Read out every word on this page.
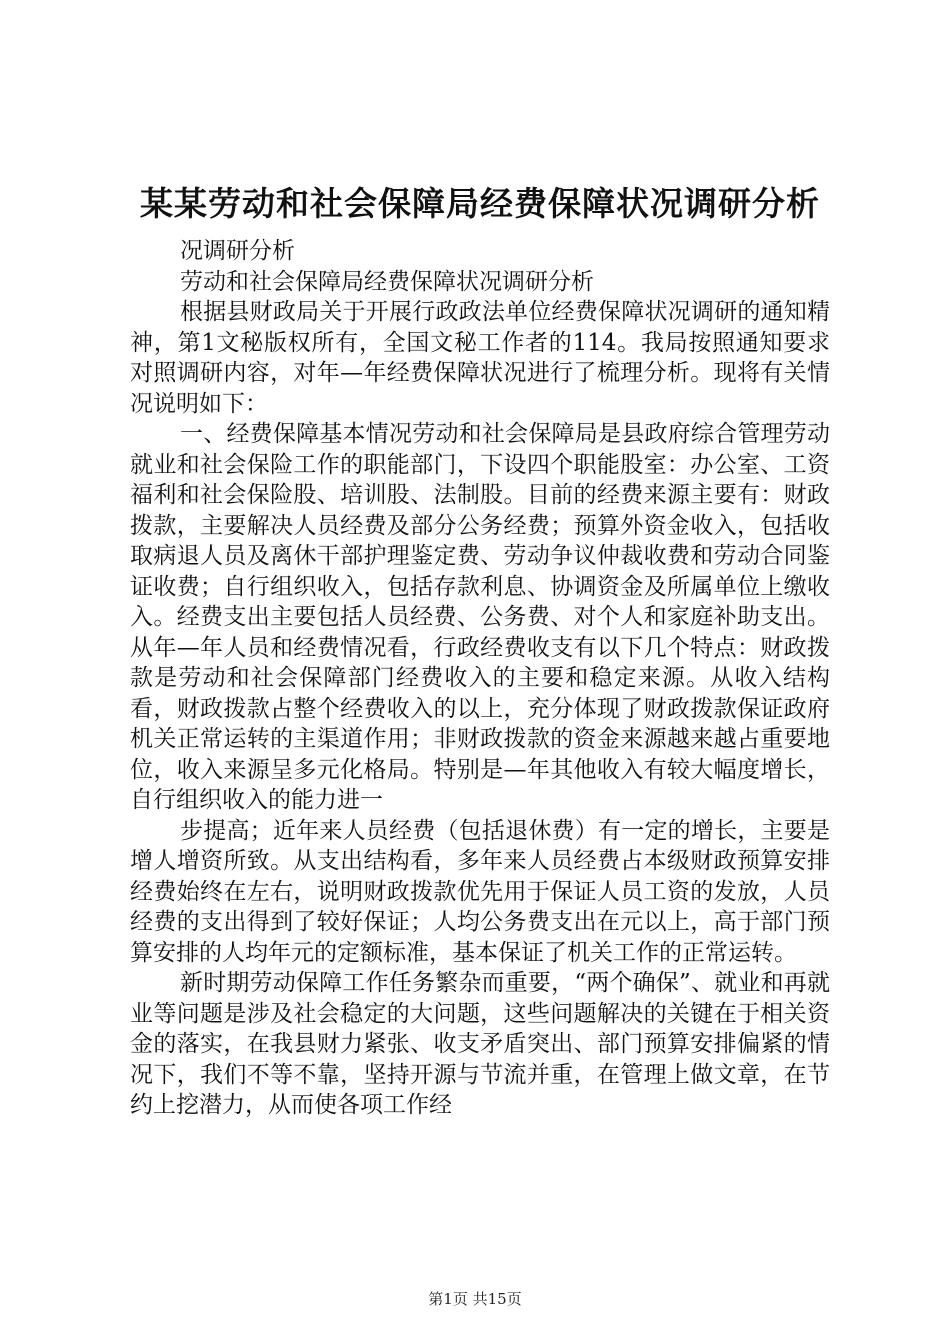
某某劳动和社会保障局经费保障状况调研分析

况调研分析

劳动和社会保障局经费保障状况调研分析

根据县财政局关于开展行政政法单位经费保障状况调研的通知精神，第1文秘版权所有，全国文秘工作者的114。我局按照通知要求对照调研内容，对年—年经费保障状况进行了梳理分析。现将有关情况说明如下：

一、经费保障基本情况劳动和社会保障局是县政府综合管理劳动就业和社会保险工作的职能部门，下设四个职能股室：办公室、工资福利和社会保险股、培训股、法制股。目前的经费来源主要有：财政拨款，主要解决人员经费及部分公务经费；预算外资金收入，包括收取病退人员及离休干部护理鉴定费、劳动争议仲裁收费和劳动合同鉴证收费；自行组织收入，包括存款利息、协调资金及所属单位上缴收入。经费支出主要包括人员经费、公务费、对个人和家庭补助支出。从年—年人员和经费情况看，行政经费收支有以下几个特点：财政拨款是劳动和社会保障部门经费收入的主要和稳定来源。从收入结构看，财政拨款占整个经费收入的以上，充分体现了财政拨款保证政府机关正常运转的主渠道作用；非财政拨款的资金来源越来越占重要地位，收入来源呈多元化格局。特别是—年其他收入有较大幅度增长，自行组织收入的能力进一

步提高；近年来人员经费（包括退休费）有一定的增长，主要是增人增资所致。从支出结构看，多年来人员经费占本级财政预算安排经费始终在左右，说明财政拨款优先用于保证人员工资的发放，人员经费的支出得到了较好保证；人均公务费支出在元以上，高于部门预算安排的人均年元的定额标准，基本保证了机关工作的正常运转。

新时期劳动保障工作任务繁杂而重要，“两个确保”、就业和再就业等问题是涉及社会稳定的大问题，这些问题解决的关键在于相关资金的落实，在我县财力紧张、收支矛盾突出、部门预算安排偏紧的情况下，我们不等不靠，坚持开源与节流并重，在管理上做文章，在节约上挖潜力，从而使各项工作经

第1页 共15页
